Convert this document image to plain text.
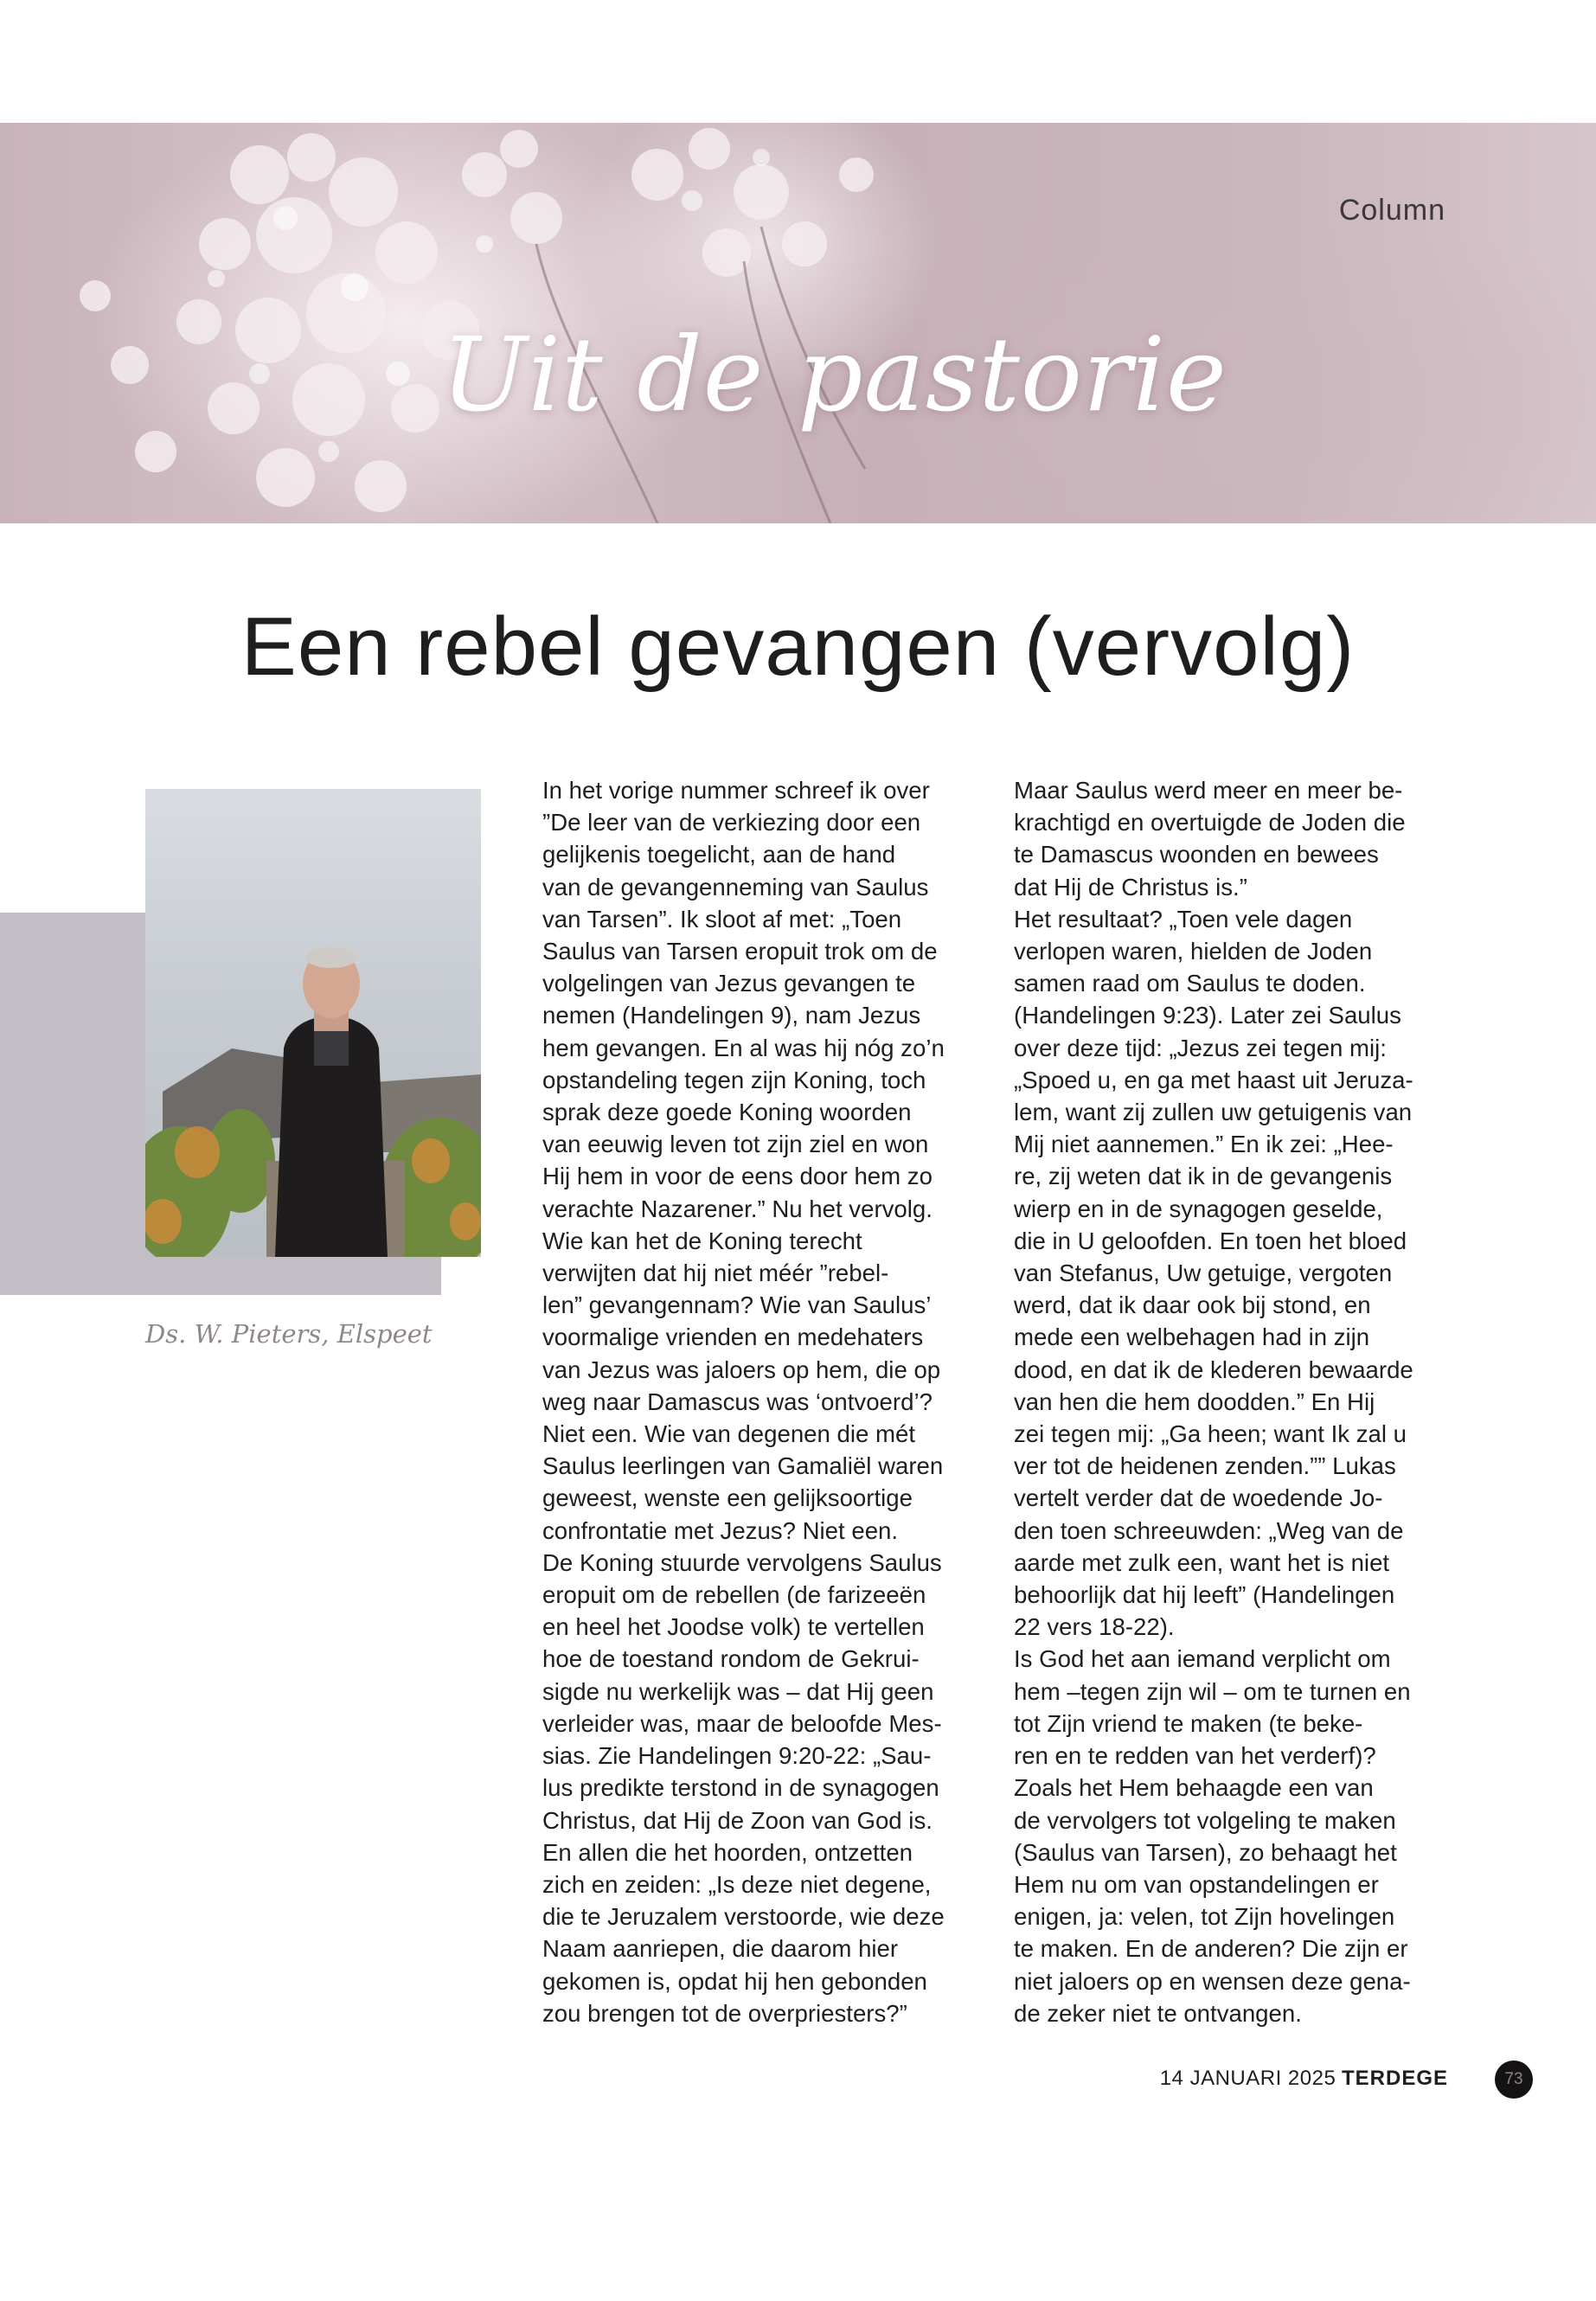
Column

Uit de pastorie
Een rebel gevangen (vervolg)

Ds. W. Pieters, Elspeet

In het vorige nummer schreef ik over
”De leer van de verkiezing door een
gelijkenis toegelicht, aan de hand
van de gevangenneming van Saulus
van Tarsen”. Ik sloot af met: „Toen
Saulus van Tarsen eropuit trok om de
volgelingen van Jezus gevangen te
nemen (Handelingen 9), nam Jezus
hem gevangen. En al was hij nóg zo’n
opstandeling tegen zijn Koning, toch
sprak deze goede Koning woorden
van eeuwig leven tot zijn ziel en won
Hij hem in voor de eens door hem zo
verachte Nazarener.” Nu het vervolg.
Wie kan het de Koning terecht
verwijten dat hij niet méér ”rebel-
len” gevangennam? Wie van Saulus’
voormalige vrienden en medehaters
van Jezus was jaloers op hem, die op
weg naar Damascus was ‘ontvoerd’?
Niet een. Wie van degenen die mét
Saulus leerlingen van Gamaliël waren
geweest, wenste een gelijksoortige
confrontatie met Jezus? Niet een.
De Koning stuurde vervolgens Saulus
eropuit om de rebellen (de farizeeën
en heel het Joodse volk) te vertellen
hoe de toestand rondom de Gekrui-
sigde nu werkelijk was – dat Hij geen
verleider was, maar de beloofde Mes-
sias. Zie Handelingen 9:20-22: „Sau-
lus predikte terstond in de synagogen
Christus, dat Hij de Zoon van God is.
En allen die het hoorden, ontzetten
zich en zeiden: „Is deze niet degene,
die te Jeruzalem verstoorde, wie deze
Naam aanriepen, die daarom hier
gekomen is, opdat hij hen gebonden
zou brengen tot de overpriesters?”

Maar Saulus werd meer en meer be-
krachtigd en overtuigde de Joden die
te Damascus woonden en bewees
dat Hij de Christus is.”
Het resultaat? „Toen vele dagen
verlopen waren, hielden de Joden
samen raad om Saulus te doden.
(Handelingen 9:23). Later zei Saulus
over deze tijd: „Jezus zei tegen mij:
„Spoed u, en ga met haast uit Jeruza-
lem, want zij zullen uw getuigenis van
Mij niet aannemen.” En ik zei: „Hee-
re, zij weten dat ik in de gevangenis
wierp en in de synagogen geselde,
die in U geloofden. En toen het bloed
van Stefanus, Uw getuige, vergoten
werd, dat ik daar ook bij stond, en
mede een welbehagen had in zijn
dood, en dat ik de klederen bewaarde
van hen die hem doodden.” En Hij
zei tegen mij: „Ga heen; want Ik zal u
ver tot de heidenen zenden.”” Lukas
vertelt verder dat de woedende Jo-
den toen schreeuwden: „Weg van de
aarde met zulk een, want het is niet
behoorlijk dat hij leeft” (Handelingen
22 vers 18-22).
Is God het aan iemand verplicht om
hem –tegen zijn wil – om te turnen en
tot Zijn vriend te maken (te beke-
ren en te redden van het verderf)?
Zoals het Hem behaagde een van
de vervolgers tot volgeling te maken
(Saulus van Tarsen), zo behaagt het
Hem nu om van opstandelingen er
enigen, ja: velen, tot Zijn hovelingen
te maken. En de anderen? Die zijn er
niet jaloers op en wensen deze gena-
de zeker niet te ontvangen.

14 JANUARI 2025 TERDEGE	73
